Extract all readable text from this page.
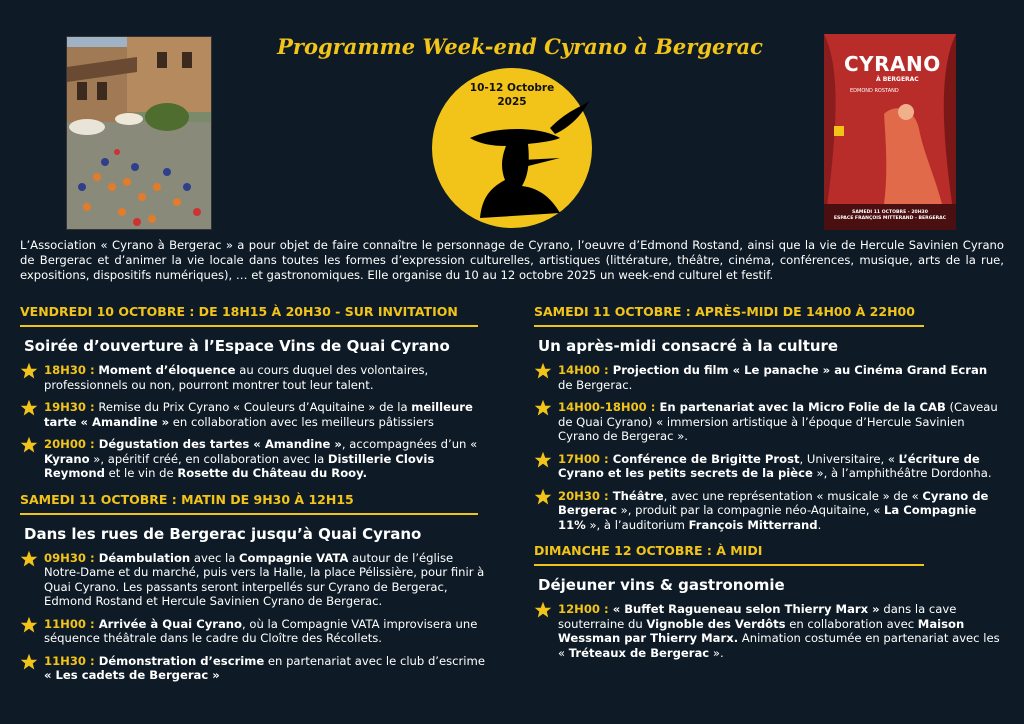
Programme Week-end Cyrano à Bergerac
10-12 Octobre
2025
CYRANO
À BERGERAC
EDMOND ROSTAND
SAMEDI 11 OCTOBRE - 20H30
ESPACE FRANÇOIS MITTERAND - BERGERAC

L’Association « Cyrano à Bergerac » a pour objet de faire connaître le personnage de Cyrano, l’oeuvre d’Edmond Rostand, ainsi que la vie de Hercule Savinien Cyrano de Bergerac et d’animer la vie locale dans toutes les formes d’expression culturelles, artistiques (littérature, théâtre, cinéma, conférences, musique, arts de la rue, expositions, dispositifs numériques), … et gastronomiques. Elle organise du 10 au 12 octobre 2025 un week-end culturel et festif.

VENDREDI 10 OCTOBRE : DE 18H15 À 20H30 - SUR INVITATION
Soirée d’ouverture à l’Espace Vins de Quai Cyrano
18H30 : Moment d’éloquence au cours duquel des volontaires, professionnels ou non, pourront montrer tout leur talent.
19H30 : Remise du Prix Cyrano « Couleurs d’Aquitaine » de la meilleure tarte « Amandine » en collaboration avec les meilleurs pâtissiers
20H00 : Dégustation des tartes « Amandine », accompagnées d’un « Kyrano », apéritif créé, en collaboration avec la Distillerie Clovis Reymond et le vin de Rosette du Château du Rooy.
SAMEDI 11 OCTOBRE : MATIN DE 9H30 À 12H15
Dans les rues de Bergerac jusqu’à Quai Cyrano
09H30 : Déambulation avec la Compagnie VATA autour de l’église Notre-Dame et du marché, puis vers la Halle, la place Pélissière, pour finir à Quai Cyrano. Les passants seront interpellés sur Cyrano de Bergerac, Edmond Rostand et Hercule Savinien Cyrano de Bergerac.
11H00 : Arrivée à Quai Cyrano, où la Compagnie VATA improvisera une séquence théâtrale dans le cadre du Cloître des Récollets.
11H30 : Démonstration d’escrime en partenariat avec le club d’escrime « Les cadets de Bergerac »
SAMEDI 11 OCTOBRE : APRÈS-MIDI DE 14H00 À 22H00
Un après-midi consacré à la culture
14H00 : Projection du film « Le panache » au Cinéma Grand Ecran de Bergerac.
14H00-18H00 : En partenariat avec la Micro Folie de la CAB (Caveau de Quai Cyrano) « immersion artistique à l’époque d’Hercule Savinien Cyrano de Bergerac ».
17H00 : Conférence de Brigitte Prost, Universitaire, « L’écriture de Cyrano et les petits secrets de la pièce », à l’amphithéâtre Dordonha.
20H30 : Théâtre, avec une représentation « musicale » de « Cyrano de Bergerac », produit par la compagnie néo-Aquitaine, « La Compagnie 11% », à l’auditorium François Mitterrand.
DIMANCHE 12 OCTOBRE : À MIDI
Déjeuner vins & gastronomie
12H00 : « Buffet Ragueneau selon Thierry Marx » dans la cave souterraine du Vignoble des Verdôts en collaboration avec Maison Wessman par Thierry Marx. Animation costumée en partenariat avec les « Tréteaux de Bergerac ».
